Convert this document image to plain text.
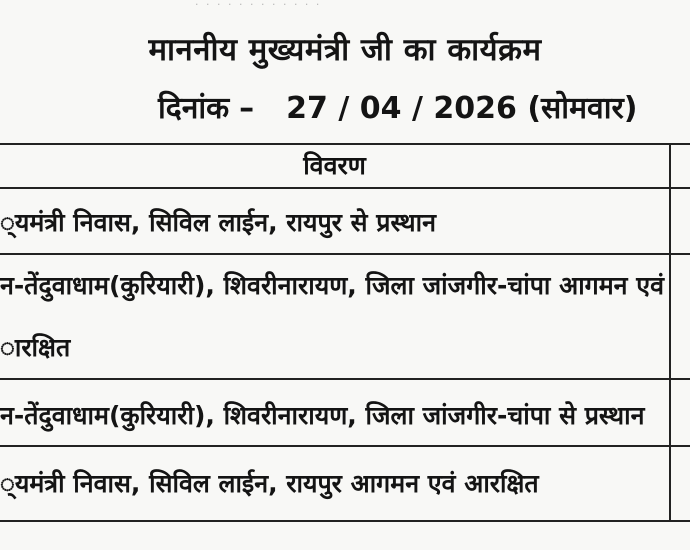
· · · · · · · · · · · ·
माननीय मुख्यमंत्री जी का कार्यक्रम
दिनांक – 27 / 04 / 2026 (सोमवार)
विवरण
्यमंत्री निवास, सिविल लाईन, रायपुर से प्रस्थान
न-तेंदुवाधाम(कुरियारी), शिवरीनारायण, जिला जांजगीर-चांपा आगमन एवं
ारक्षित
न-तेंदुवाधाम(कुरियारी), शिवरीनारायण, जिला जांजगीर-चांपा से प्रस्थान
्यमंत्री निवास, सिविल लाईन, रायपुर आगमन एवं आरक्षित
